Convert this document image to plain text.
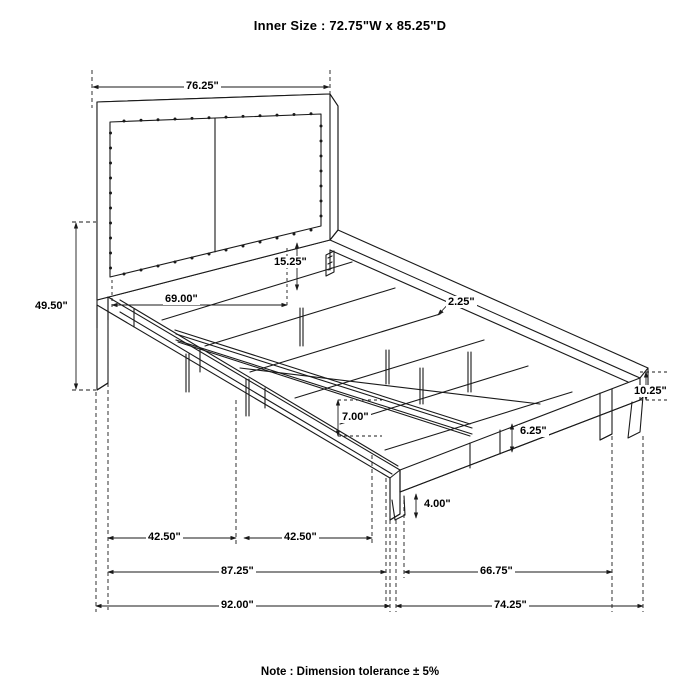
Inner Size : 72.75"W x 85.25"D
76.25"
49.50"
69.00"
15.25"
2.25"
10.25"
7.00"
6.25"
4.00"
42.50"	42.50"
87.25"	66.75"
92.00"	74.25"
Note : Dimension tolerance ± 5%
